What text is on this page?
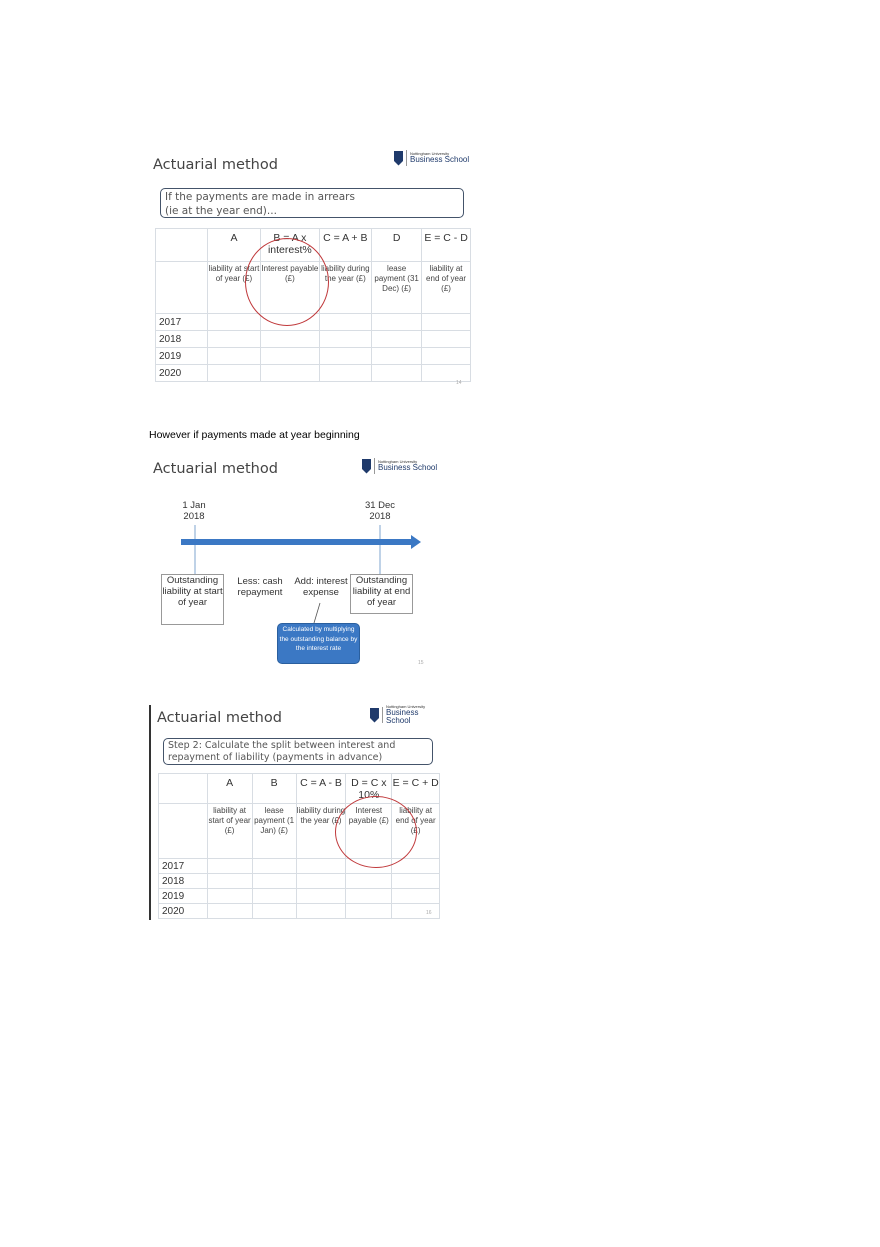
Actuarial method
Nottingham University
Business School
If the payments are made in arrears
(ie at the year end)...
	A	B = A x interest%	C = A + B	D	E = C - D
	liability at start of year (£)	Interest payable (£)	liability during the year (£)	lease payment (31 Dec) (£)	liability at end of year (£)
2017					
2018					
2019					
2020					
14
However if payments made at year beginning
Actuarial method	Nottingham University
Business School
1 Jan 2018
31 Dec 2018
Outstanding liability at start of year
Less: cash repayment
Add: interest expense
Outstanding liability at end of year
Calculated by multiplying the outstanding balance by the interest rate
15
Actuarial method
Nottingham University
Business School
Step 2: Calculate the split between interest and
repayment of liability (payments in advance)
	A	B	C = A - B	D = C x 10%	E = C + D
	liability at start of year (£)	lease payment (1 Jan) (£)	liability during the year (£)	Interest payable (£)	liability at end of year (£)
2017					
2018					
2019					
2020						16
